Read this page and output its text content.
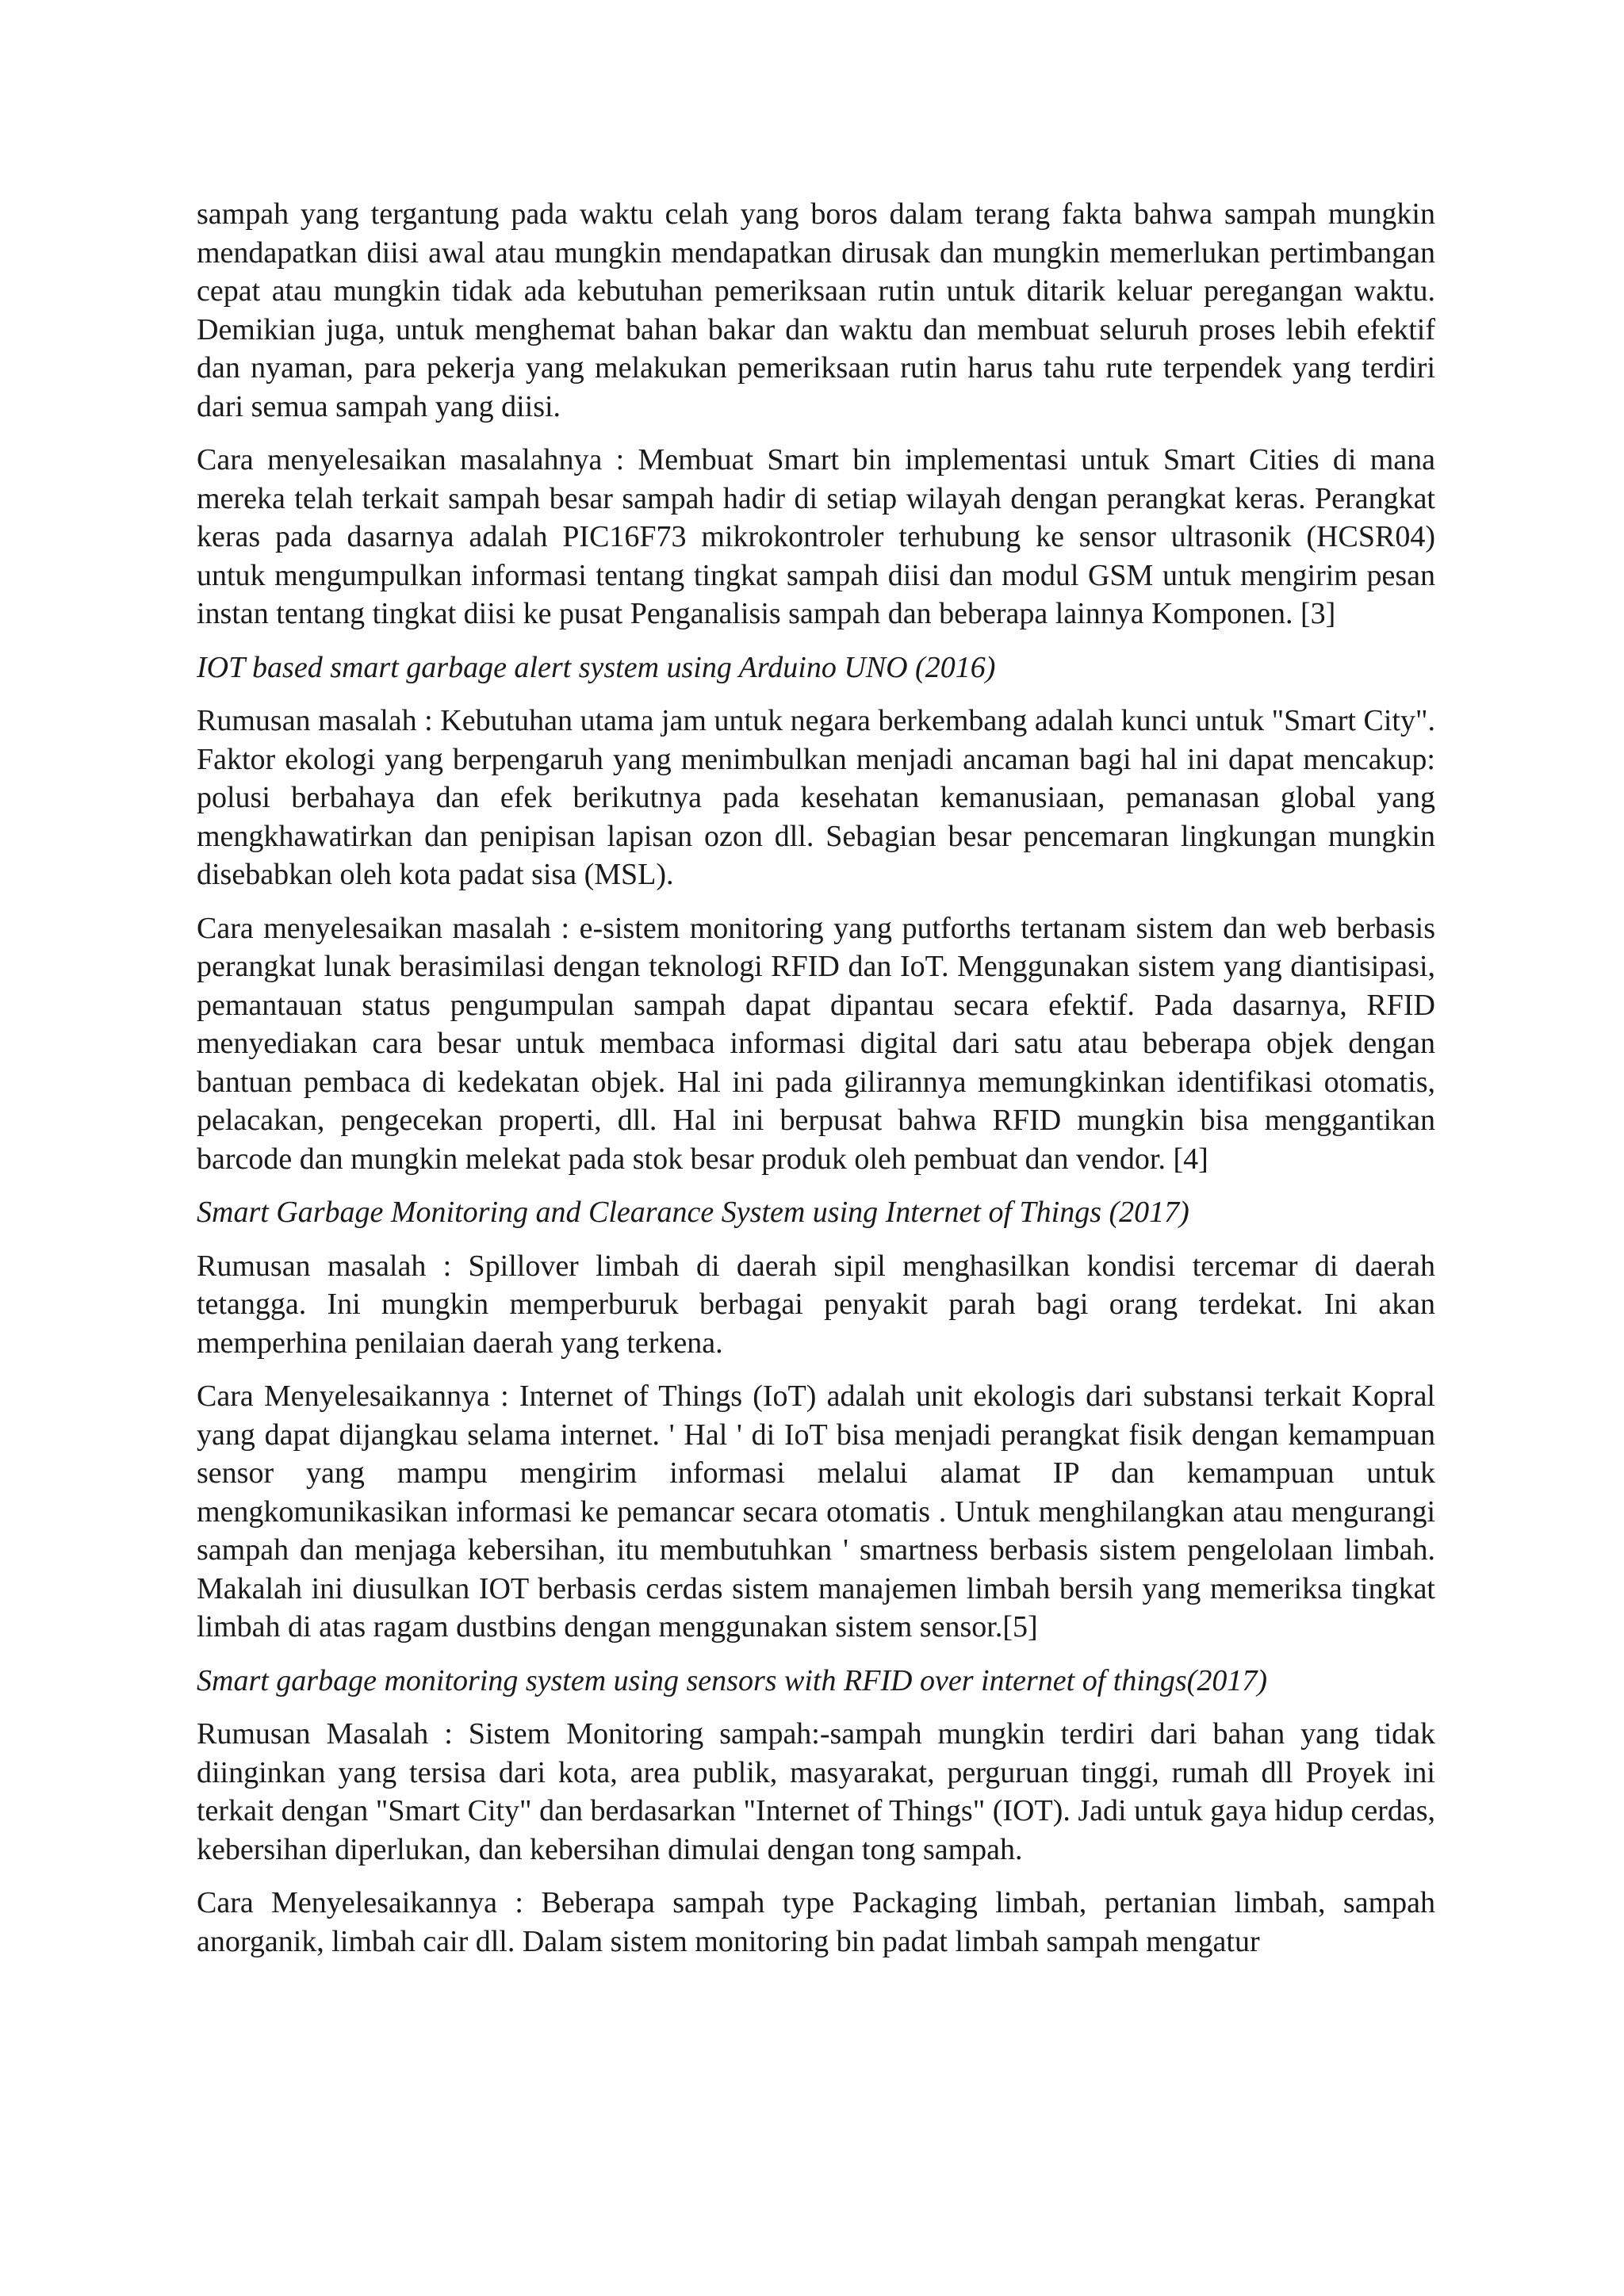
sampah yang tergantung pada waktu celah yang boros dalam terang fakta bahwa sampah mungkin mendapatkan diisi awal atau mungkin mendapatkan dirusak dan mungkin memerlukan pertimbangan cepat atau mungkin tidak ada kebutuhan pemeriksaan rutin untuk ditarik keluar peregangan waktu. Demikian juga, untuk menghemat bahan bakar dan waktu dan membuat seluruh proses lebih efektif dan nyaman, para pekerja yang melakukan pemeriksaan rutin harus tahu rute terpendek yang terdiri dari semua sampah yang diisi.

Cara menyelesaikan masalahnya : Membuat Smart bin implementasi untuk Smart Cities di mana mereka telah terkait sampah besar sampah hadir di setiap wilayah dengan perangkat keras. Perangkat keras pada dasarnya adalah PIC16F73 mikrokontroler terhubung ke sensor ultrasonik (HCSR04) untuk mengumpulkan informasi tentang tingkat sampah diisi dan modul GSM untuk mengirim pesan instan tentang tingkat diisi ke pusat Penganalisis sampah dan beberapa lainnya Komponen. [3]

IOT based smart garbage alert system using Arduino UNO (2016)

Rumusan masalah : Kebutuhan utama jam untuk negara berkembang adalah kunci untuk "Smart City". Faktor ekologi yang berpengaruh yang menimbulkan menjadi ancaman bagi hal ini dapat mencakup: polusi berbahaya dan efek berikutnya pada kesehatan kemanusiaan, pemanasan global yang mengkhawatirkan dan penipisan lapisan ozon dll. Sebagian besar pencemaran lingkungan mungkin disebabkan oleh kota padat sisa (MSL).

Cara menyelesaikan masalah : e-sistem monitoring yang putforths tertanam sistem dan web berbasis perangkat lunak berasimilasi dengan teknologi RFID dan IoT. Menggunakan sistem yang diantisipasi, pemantauan status pengumpulan sampah dapat dipantau secara efektif. Pada dasarnya, RFID menyediakan cara besar untuk membaca informasi digital dari satu atau beberapa objek dengan bantuan pembaca di kedekatan objek. Hal ini pada gilirannya memungkinkan identifikasi otomatis, pelacakan, pengecekan properti, dll. Hal ini berpusat bahwa RFID mungkin bisa menggantikan barcode dan mungkin melekat pada stok besar produk oleh pembuat dan vendor. [4]

Smart Garbage Monitoring and Clearance System using Internet of Things (2017)

Rumusan masalah : Spillover limbah di daerah sipil menghasilkan kondisi tercemar di daerah tetangga. Ini mungkin memperburuk berbagai penyakit parah bagi orang terdekat. Ini akan memperhina penilaian daerah yang terkena.

Cara Menyelesaikannya : Internet of Things (IoT) adalah unit ekologis dari substansi terkait Kopral yang dapat dijangkau selama internet. ' Hal ' di IoT bisa menjadi perangkat fisik dengan kemampuan sensor yang mampu mengirim informasi melalui alamat IP dan kemampuan untuk mengkomunikasikan informasi ke pemancar secara otomatis . Untuk menghilangkan atau mengurangi sampah dan menjaga kebersihan, itu membutuhkan ' smartness berbasis sistem pengelolaan limbah. Makalah ini diusulkan IOT berbasis cerdas sistem manajemen limbah bersih yang memeriksa tingkat limbah di atas ragam dustbins dengan menggunakan sistem sensor.[5]

Smart garbage monitoring system using sensors with RFID over internet of things(2017)

Rumusan Masalah : Sistem Monitoring sampah:-sampah mungkin terdiri dari bahan yang tidak diinginkan yang tersisa dari kota, area publik, masyarakat, perguruan tinggi, rumah dll Proyek ini terkait dengan "Smart City" dan berdasarkan "Internet of Things" (IOT). Jadi untuk gaya hidup cerdas, kebersihan diperlukan, dan kebersihan dimulai dengan tong sampah.

Cara Menyelesaikannya : Beberapa sampah type Packaging limbah, pertanian limbah, sampah anorganik, limbah cair dll. Dalam sistem monitoring bin padat limbah sampah mengatur
